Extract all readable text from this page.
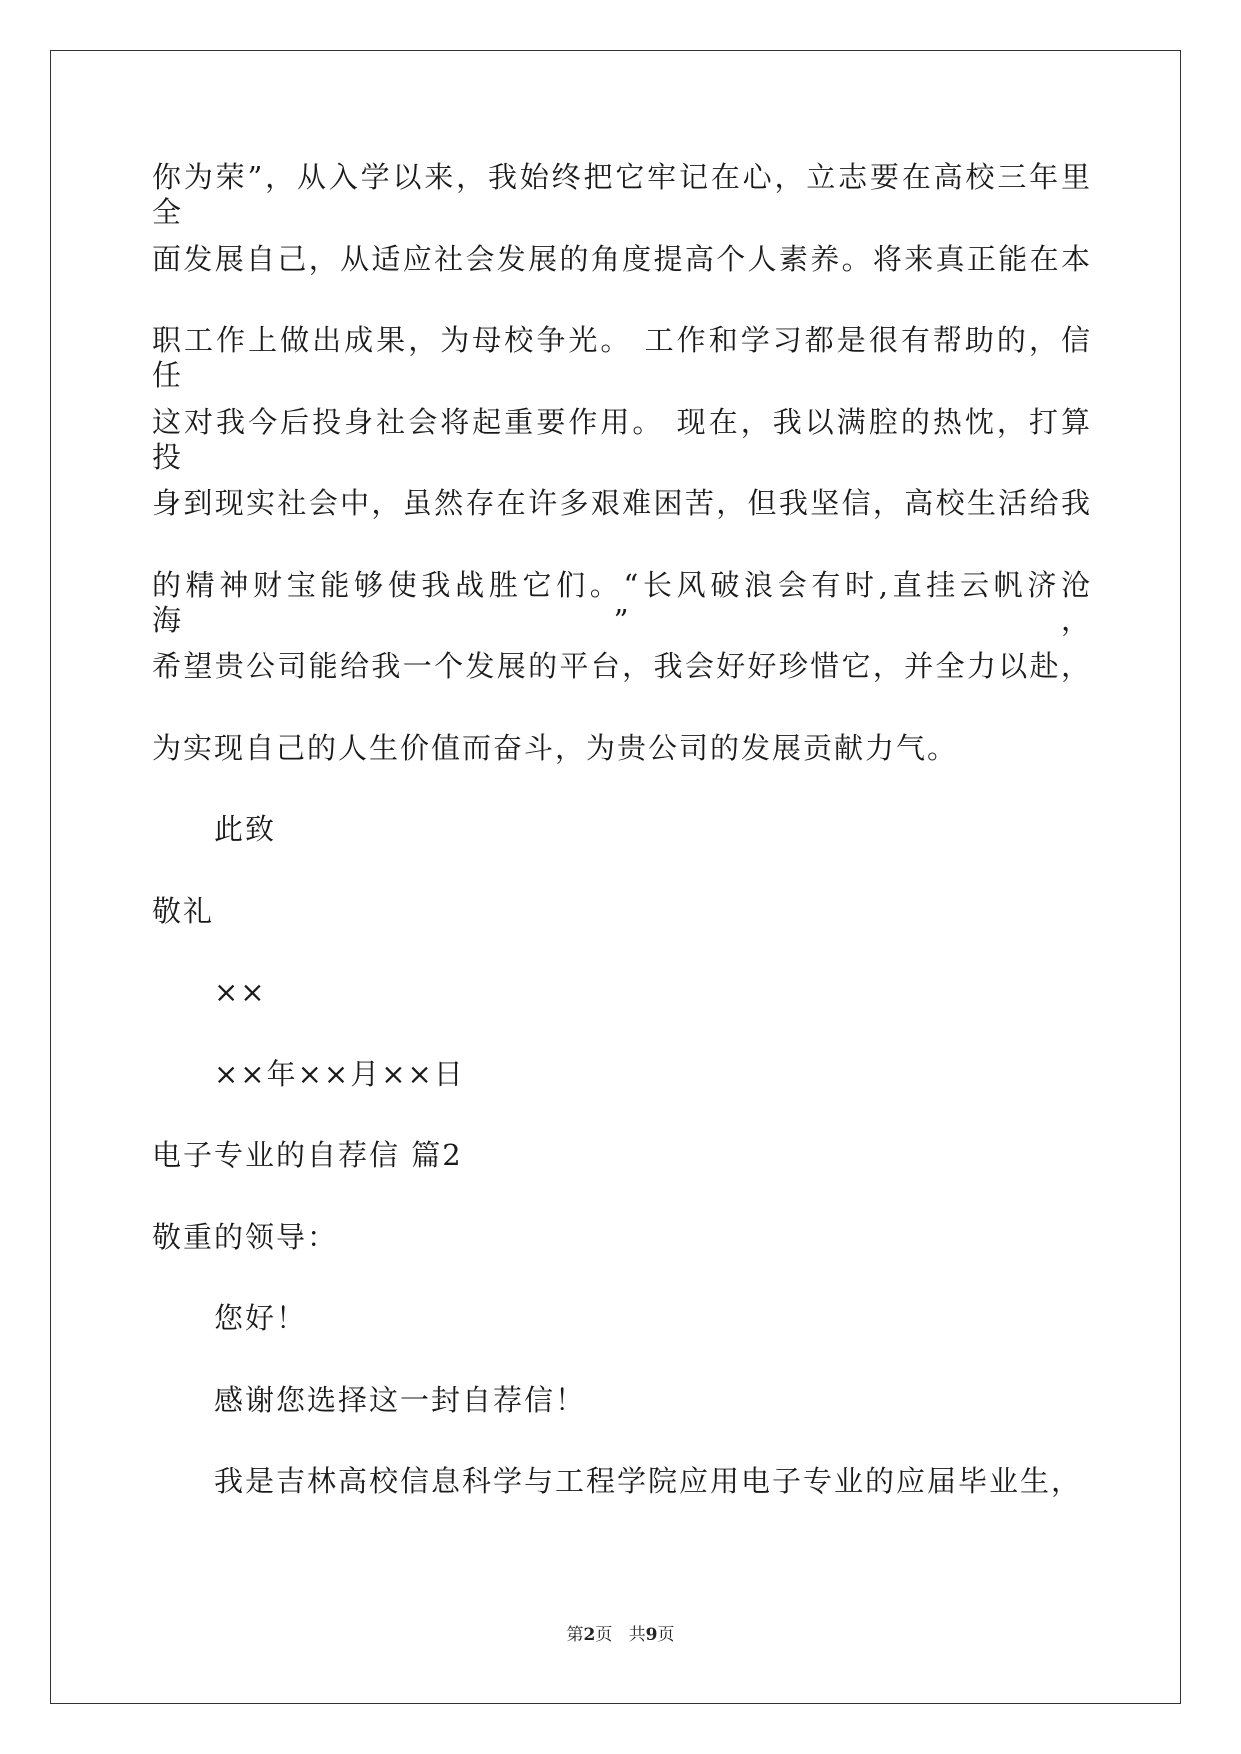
你为荣”，从入学以来，我始终把它牢记在心，立志要在高校三年里全
面发展自己，从适应社会发展的角度提高个人素养。将来真正能在本
职工作上做出成果，为母校争光。 工作和学习都是很有帮助的，信任
这对我今后投身社会将起重要作用。 现在，我以满腔的热忱，打算投
身到现实社会中，虽然存在许多艰难困苦，但我坚信，高校生活给我
的精神财宝能够使我战胜它们。“长风破浪会有时,直挂云帆济沧海”，
希望贵公司能给我一个发展的平台，我会好好珍惜它，并全力以赴，
为实现自己的人生价值而奋斗，为贵公司的发展贡献力气。
此致
敬礼
××
××年××月××日
电子专业的自荐信 篇2
敬重的领导：
您好！
感谢您选择这一封自荐信！
我是吉林高校信息科学与工程学院应用电子专业的应届毕业生，
第2页   共9页
